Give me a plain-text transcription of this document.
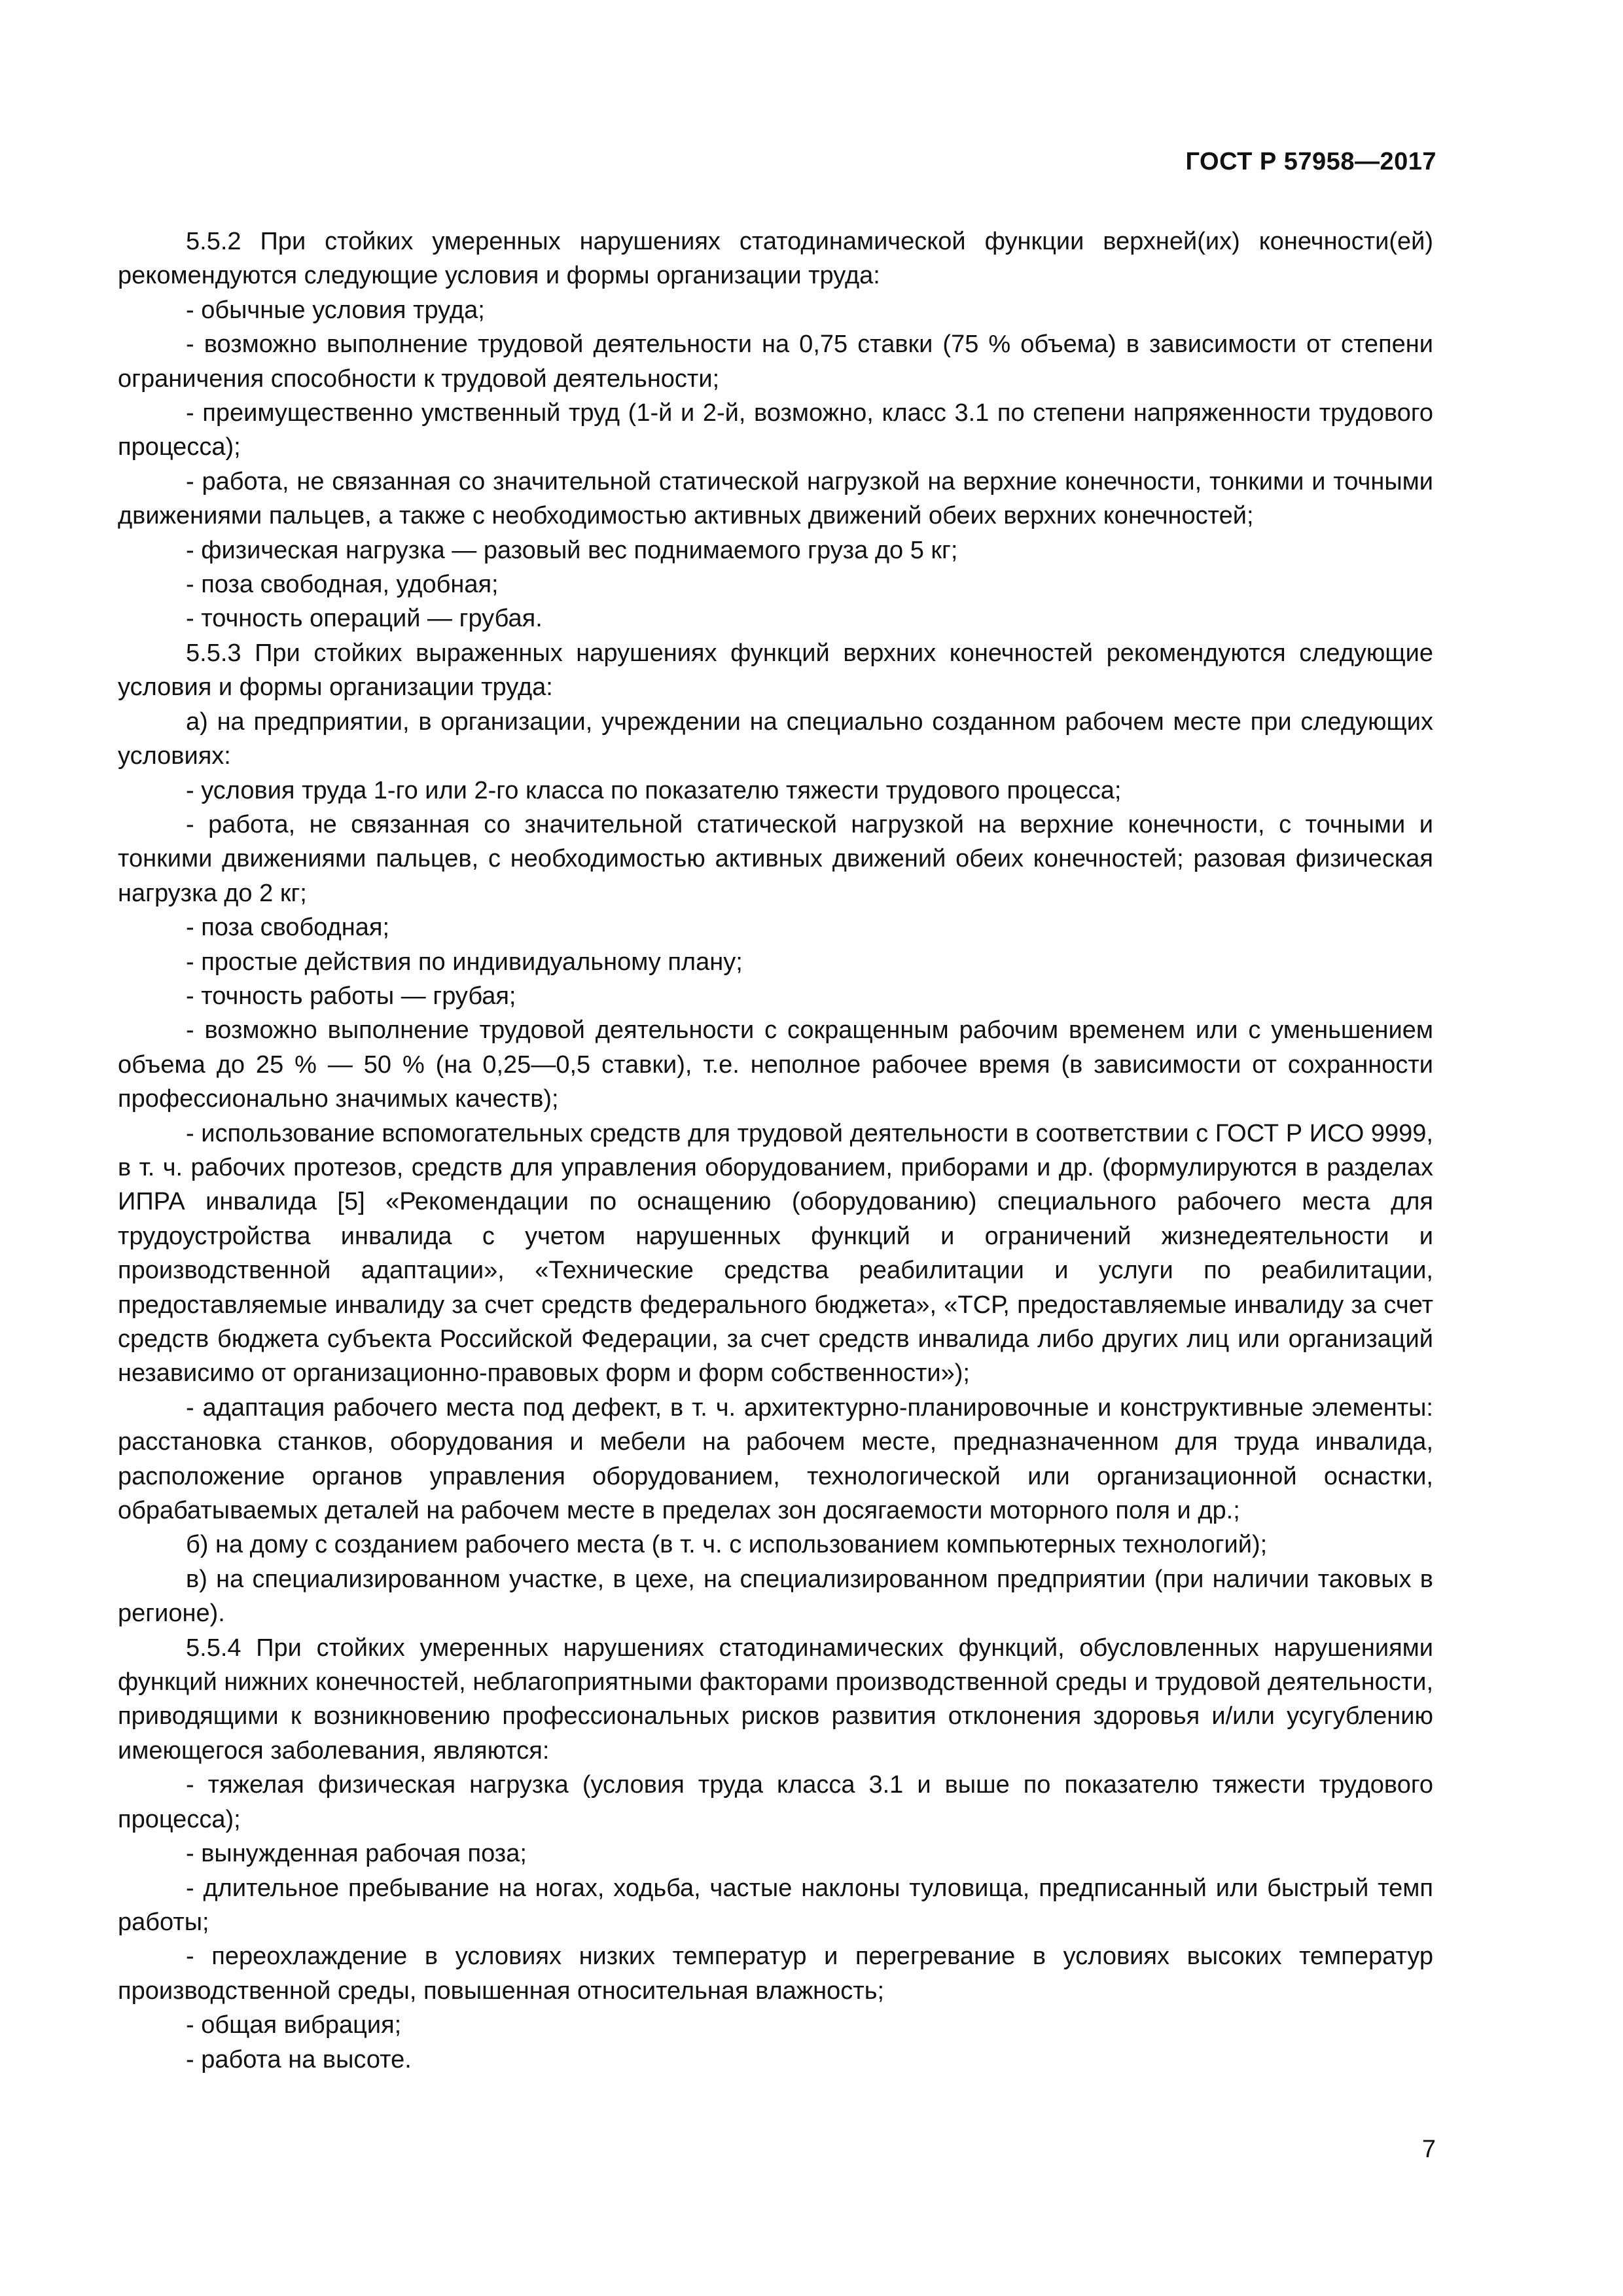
ГОСТ Р 57958—2017

5.5.2 При стойких умеренных нарушениях статодинамической функции верхней(их) конечности(ей) рекомендуются следующие условия и формы организации труда:

- обычные условия труда;

- возможно выполнение трудовой деятельности на 0,75 ставки (75 % объема) в зависимости от степени ограничения способности к трудовой деятельности;

- преимущественно умственный труд (1-й и 2-й, возможно, класс 3.1 по степени напряженности трудового процесса);

- работа, не связанная со значительной статической нагрузкой на верхние конечности, тонкими и точными движениями пальцев, а также с необходимостью активных движений обеих верхних конечностей;

- физическая нагрузка — разовый вес поднимаемого груза до 5 кг;

- поза свободная, удобная;

- точность операций — грубая.

5.5.3 При стойких выраженных нарушениях функций верхних конечностей рекомендуются следующие условия и формы организации труда:

а) на предприятии, в организации, учреждении на специально созданном рабочем месте при следующих условиях:

- условия труда 1-го или 2-го класса по показателю тяжести трудового процесса;

- работа, не связанная со значительной статической нагрузкой на верхние конечности, с точными и тонкими движениями пальцев, с необходимостью активных движений обеих конечностей; разовая физическая нагрузка до 2 кг;

- поза свободная;

- простые действия по индивидуальному плану;

- точность работы — грубая;

- возможно выполнение трудовой деятельности с сокращенным рабочим временем или с уменьшением объема до 25 % — 50 % (на 0,25—0,5 ставки), т.е. неполное рабочее время (в зависимости от сохранности профессионально значимых качеств);

- использование вспомогательных средств для трудовой деятельности в соответствии с ГОСТ Р ИСО 9999, в т. ч. рабочих протезов, средств для управления оборудованием, приборами и др. (формулируются в разделах ИПРА инвалида [5] «Рекомендации по оснащению (оборудованию) специального рабочего места для трудоустройства инвалида с учетом нарушенных функций и ограничений жизнедеятельности и производственной адаптации», «Технические средства реабилитации и услуги по реабилитации, предоставляемые инвалиду за счет средств федерального бюджета», «ТСР, предоставляемые инвалиду за счет средств бюджета субъекта Российской Федерации, за счет средств инвалида либо других лиц или организаций независимо от организационно-правовых форм и форм собственности»);

- адаптация рабочего места под дефект, в т. ч. архитектурно-планировочные и конструктивные элементы: расстановка станков, оборудования и мебели на рабочем месте, предназначенном для труда инвалида, расположение органов управления оборудованием, технологической или организационной оснастки, обрабатываемых деталей на рабочем месте в пределах зон досягаемости моторного поля и др.;

б) на дому с созданием рабочего места (в т. ч. с использованием компьютерных технологий);

в) на специализированном участке, в цехе, на специализированном предприятии (при наличии таковых в регионе).

5.5.4 При стойких умеренных нарушениях статодинамических функций, обусловленных нарушениями функций нижних конечностей, неблагоприятными факторами производственной среды и трудовой деятельности, приводящими к возникновению профессиональных рисков развития отклонения здоровья и/или усугублению имеющегося заболевания, являются:

- тяжелая физическая нагрузка (условия труда класса 3.1 и выше по показателю тяжести трудового процесса);

- вынужденная рабочая поза;

- длительное пребывание на ногах, ходьба, частые наклоны туловища, предписанный или быстрый темп работы;

- переохлаждение в условиях низких температур и перегревание в условиях высоких температур производственной среды, повышенная относительная влажность;

- общая вибрация;

- работа на высоте.

7
